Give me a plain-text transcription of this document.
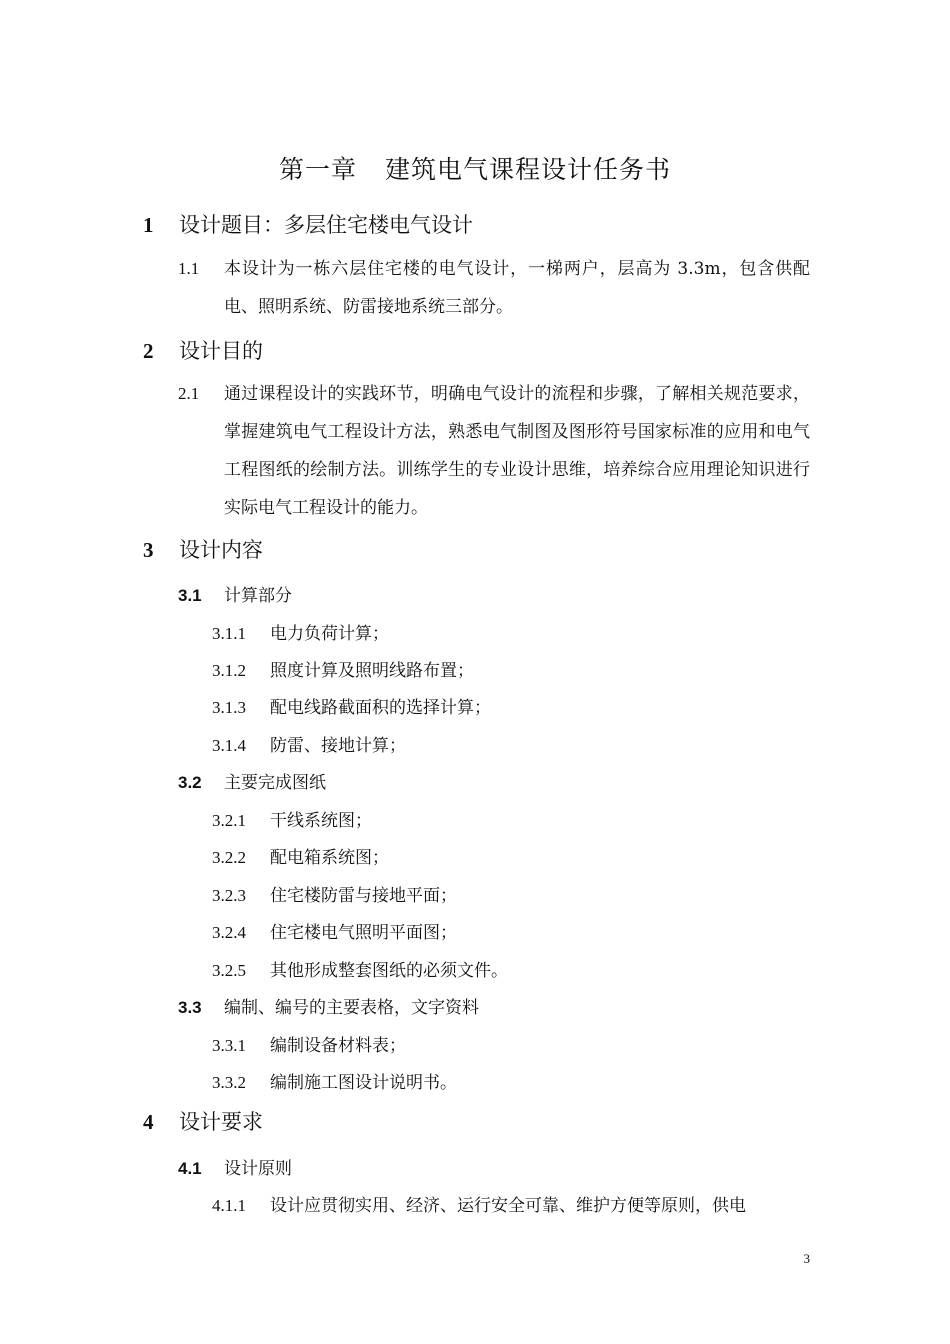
第一章 建筑电气课程设计任务书
1 设计题目：多层住宅楼电气设计
1.1 本设计为一栋六层住宅楼的电气设计，一梯两户，层高为 3.3m，包含供配电、照明系统、防雷接地系统三部分。
2 设计目的
2.1 通过课程设计的实践环节，明确电气设计的流程和步骤，了解相关规范要求，掌握建筑电气工程设计方法，熟悉电气制图及图形符号国家标准的应用和电气工程图纸的绘制方法。训练学生的专业设计思维，培养综合应用理论知识进行实际电气工程设计的能力。
3 设计内容
3.1 计算部分
3.1.1 电力负荷计算；
3.1.2 照度计算及照明线路布置；
3.1.3 配电线路截面积的选择计算；
3.1.4 防雷、接地计算；
3.2 主要完成图纸
3.2.1 干线系统图；
3.2.2 配电箱系统图；
3.2.3 住宅楼防雷与接地平面；
3.2.4 住宅楼电气照明平面图；
3.2.5 其他形成整套图纸的必须文件。
3.3 编制、编号的主要表格，文字资料
3.3.1 编制设备材料表；
3.3.2 编制施工图设计说明书。
4 设计要求
4.1 设计原则
4.1.1 设计应贯彻实用、经济、运行安全可靠、维护方便等原则，供电
3
